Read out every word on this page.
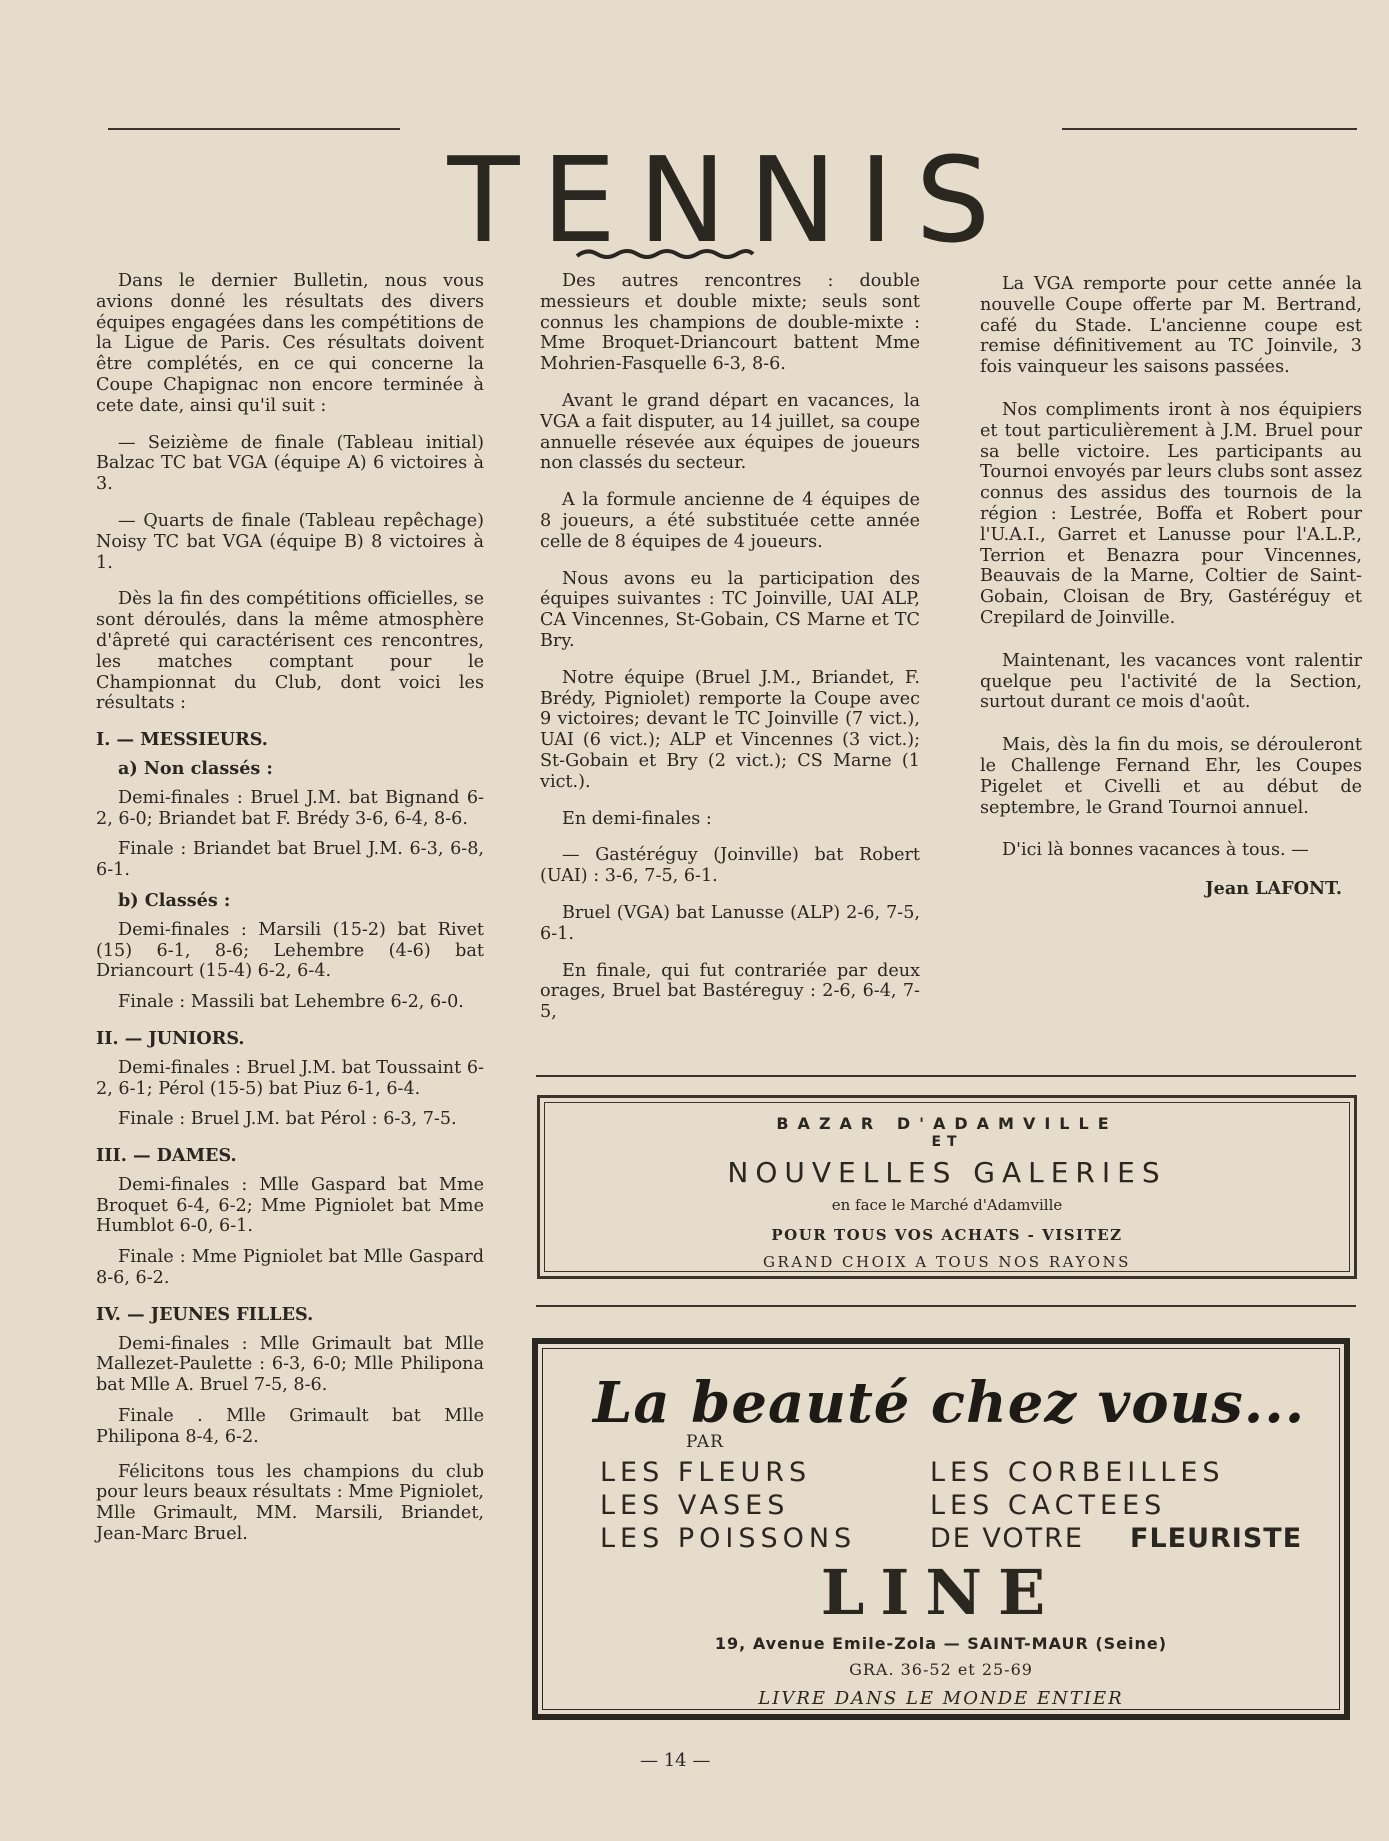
TENNIS

Dans le dernier Bulletin, nous vous avions donné les résultats des divers équipes engagées dans les compétitions de la Ligue de Paris. Ces résultats doivent être complétés, en ce qui concerne la Coupe Chapignac non encore terminée à cete date, ainsi qu'il suit :

— Seizième de finale (Tableau initial) Balzac TC bat VGA (équipe A) 6 victoires à 3.

— Quarts de finale (Tableau repêchage) Noisy TC bat VGA (équipe B) 8 victoires à 1.

Dès la fin des compétitions officielles, se sont déroulés, dans la même atmosphère d'âpreté qui caractérisent ces rencontres, les matches comptant pour le Championnat du Club, dont voici les résultats :

I. — MESSIEURS.
a) Non classés :
Demi-finales : Bruel J.M. bat Bignand 6-2, 6-0; Briandet bat F. Brédy 3-6, 6-4, 8-6.
Finale : Briandet bat Bruel J.M. 6-3, 6-8, 6-1.
b) Classés :
Demi-finales : Marsili (15-2) bat Rivet (15) 6-1, 8-6; Lehembre (4-6) bat Driancourt (15-4) 6-2, 6-4.
Finale : Massili bat Lehembre 6-2, 6-0.
II. — JUNIORS.
Demi-finales : Bruel J.M. bat Toussaint 6-2, 6-1; Pérol (15-5) bat Piuz 6-1, 6-4.
Finale : Bruel J.M. bat Pérol : 6-3, 7-5.
III. — DAMES.
Demi-finales : Mlle Gaspard bat Mme Broquet 6-4, 6-2; Mme Pigniolet bat Mme Humblot 6-0, 6-1.
Finale : Mme Pigniolet bat Mlle Gaspard 8-6, 6-2.
IV. — JEUNES FILLES.
Demi-finales : Mlle Grimault bat Mlle Mallezet-Paulette : 6-3, 6-0; Mlle Philipona bat Mlle A. Bruel 7-5, 8-6.
Finale . Mlle Grimault bat Mlle Philipona 8-4, 6-2.

Félicitons tous les champions du club pour leurs beaux résultats : Mme Pigniolet, Mlle Grimault, MM. Marsili, Briandet, Jean-Marc Bruel.

Des autres rencontres : double messieurs et double mixte; seuls sont connus les champions de double-mixte : Mme Broquet-Driancourt battent Mme Mohrien-Fasquelle 6-3, 8-6.

Avant le grand départ en vacances, la VGA a fait disputer, au 14 juillet, sa coupe annuelle résevée aux équipes de joueurs non classés du secteur.

A la formule ancienne de 4 équipes de 8 joueurs, a été substituée cette année celle de 8 équipes de 4 joueurs.

Nous avons eu la participation des équipes suivantes : TC Joinville, UAI ALP, CA Vincennes, St-Gobain, CS Marne et TC Bry.

Notre équipe (Bruel J.M., Briandet, F. Brédy, Pigniolet) remporte la Coupe avec 9 victoires; devant le TC Joinville (7 vict.), UAI (6 vict.); ALP et Vincennes (3 vict.); St-Gobain et Bry (2 vict.); CS Marne (1 vict.).

En demi-finales :

— Gastéréguy (Joinville) bat Robert (UAI) : 3-6, 7-5, 6-1.

Bruel (VGA) bat Lanusse (ALP) 2-6, 7-5, 6-1.

En finale, qui fut contrariée par deux orages, Bruel bat Bastéreguy : 2-6, 6-4, 7-5,

La VGA remporte pour cette année la nouvelle Coupe offerte par M. Bertrand, café du Stade. L'ancienne coupe est remise définitivement au TC Joinvile, 3 fois vainqueur les saisons passées.

Nos compliments iront à nos équipiers et tout particulièrement à J.M. Bruel pour sa belle victoire. Les participants au Tournoi envoyés par leurs clubs sont assez connus des assidus des tournois de la région : Lestrée, Boffa et Robert pour l'U.A.I., Garret et Lanusse pour l'A.L.P., Terrion et Benazra pour Vincennes, Beauvais de la Marne, Coltier de Saint-Gobain, Cloisan de Bry, Gastéréguy et Crepilard de Joinville.

Maintenant, les vacances vont ralentir quelque peu l'activité de la Section, surtout durant ce mois d'août.

Mais, dès la fin du mois, se dérouleront le Challenge Fernand Ehr, les Coupes Pigelet et Civelli et au début de septembre, le Grand Tournoi annuel.

D'ici là bonnes vacances à tous. —

Jean LAFONT.
BAZAR D'ADAMVILLE
ET
NOUVELLES GALERIES
en face le Marché d'Adamville
POUR TOUS VOS ACHATS - VISITEZ
GRAND CHOIX A TOUS NOS RAYONS
La beauté chez vous...
PAR
LES FLEURS	LES CORBEILLES
LES VASES	LES CACTEES
LES POISSONS	DE VOTRE FLEURISTE
LINE
19, Avenue Emile-Zola — SAINT-MAUR (Seine)
GRA. 36-52 et 25-69
LIVRE DANS LE MONDE ENTIER
— 14 —
